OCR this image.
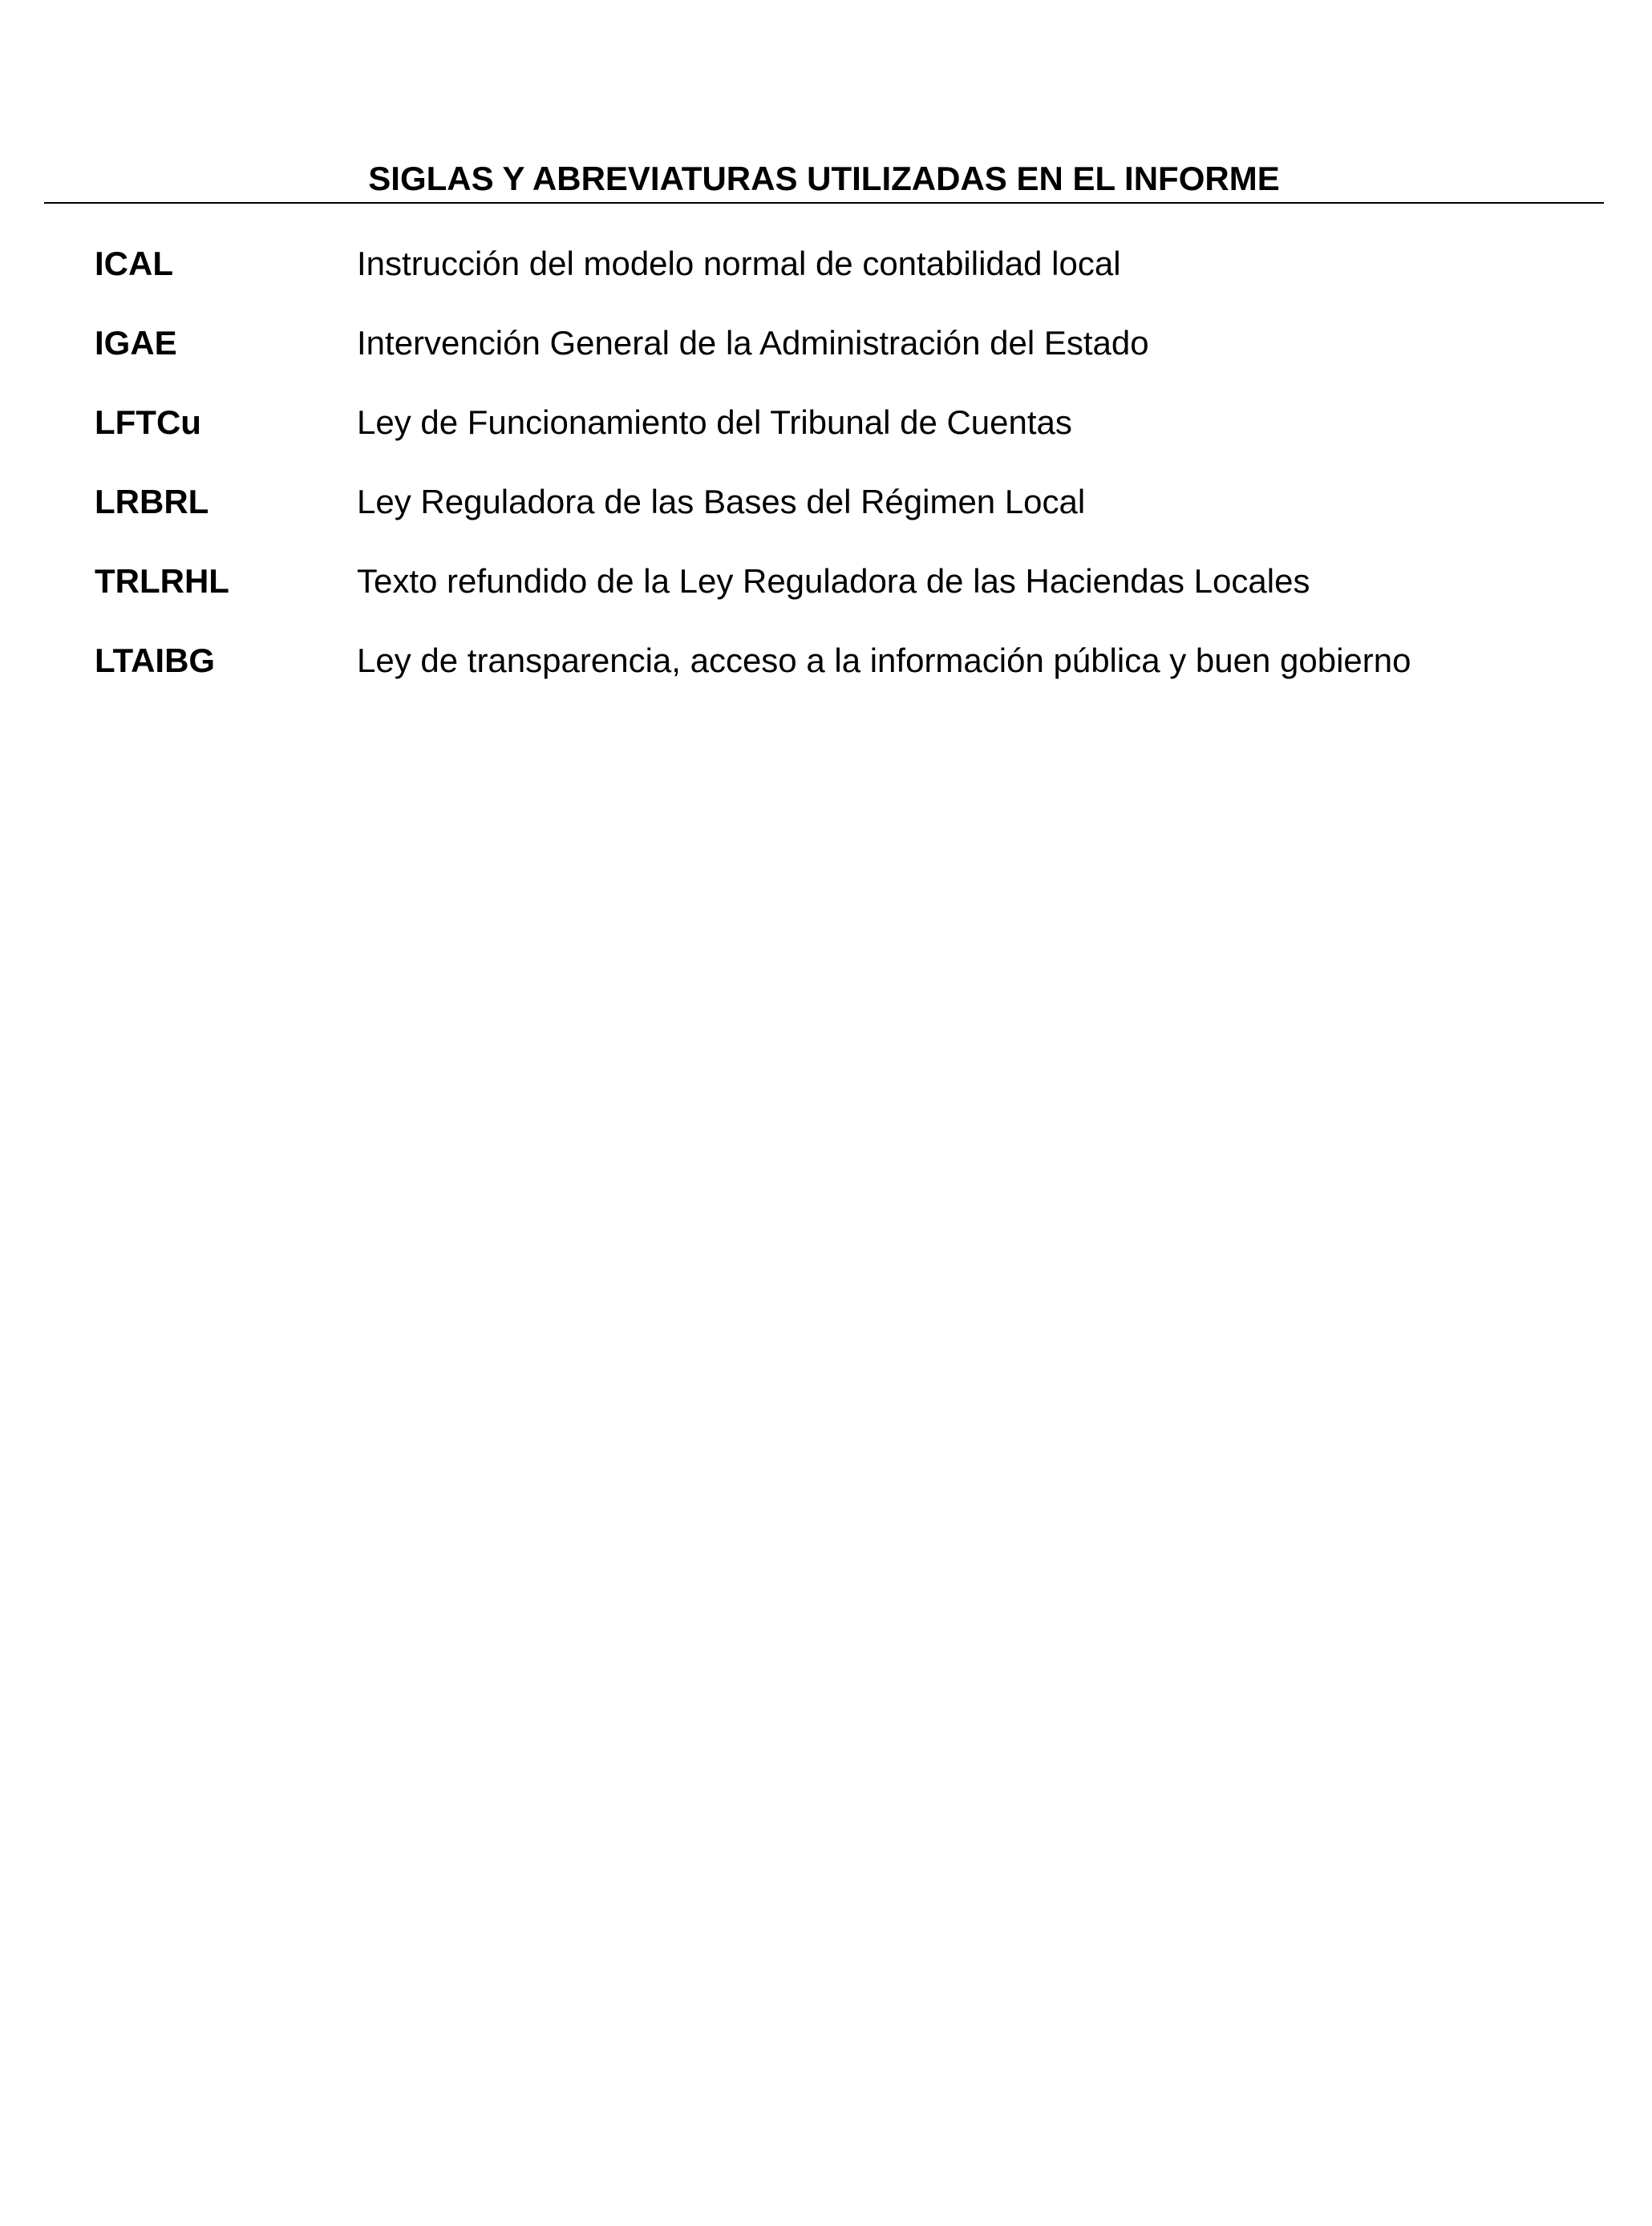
SIGLAS Y ABREVIATURAS UTILIZADAS EN EL INFORME
ICAL	Instrucción del modelo normal de contabilidad local
IGAE	Intervención General de la Administración del Estado
LFTCu	Ley de Funcionamiento del Tribunal de Cuentas
LRBRL	Ley Reguladora de las Bases del Régimen Local
TRLRHL	Texto refundido de la Ley Reguladora de las Haciendas Locales
LTAIBG	Ley de transparencia, acceso a la información pública y buen gobierno
